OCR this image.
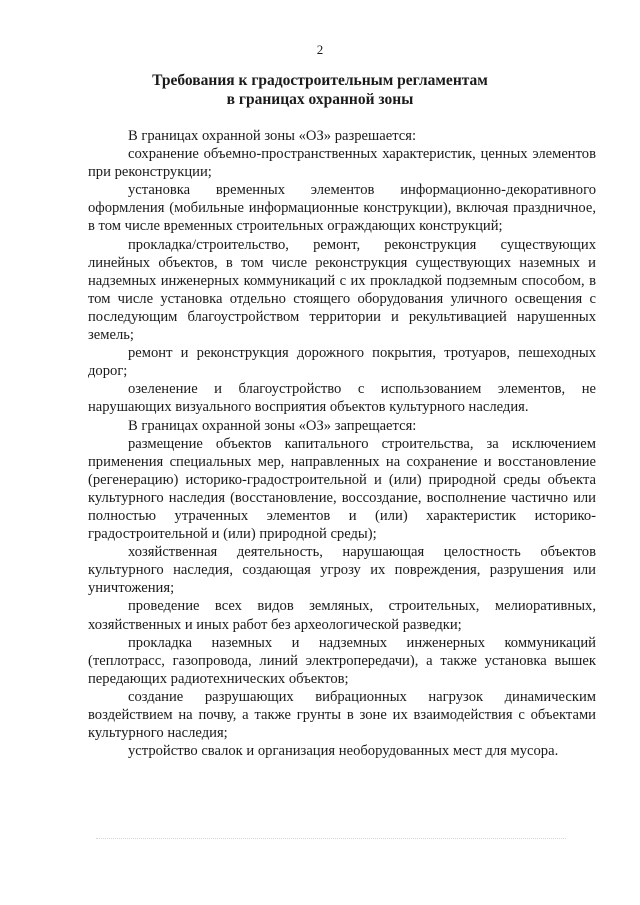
2
Требования к градостроительным регламентам
в границах охранной зоны

В границах охранной зоны «ОЗ» разрешается:

сохранение объемно-пространственных характеристик, ценных элементов при реконструкции;

установка временных элементов информационно-декоративного оформления (мобильные информационные конструкции), включая праздничное, в том числе временных строительных ограждающих конструкций;

прокладка/строительство, ремонт, реконструкция существующих линейных объектов, в том числе реконструкция существующих наземных и надземных инженерных коммуникаций с их прокладкой подземным способом, в том числе установка отдельно стоящего оборудования уличного освещения с последующим благоустройством территории и рекультивацией нарушенных земель;

ремонт и реконструкция дорожного покрытия, тротуаров, пешеходных дорог;

озеленение и благоустройство с использованием элементов, не нарушающих визуального восприятия объектов культурного наследия.

В границах охранной зоны «ОЗ» запрещается:

размещение объектов капитального строительства, за исключением применения специальных мер, направленных на сохранение и восстановление (регенерацию) историко-градостроительной и (или) природной среды объекта культурного наследия (восстановление, воссоздание, восполнение частично или полностью утраченных элементов и (или) характеристик историко-градостроительной и (или) природной среды);

хозяйственная деятельность, нарушающая целостность объектов культурного наследия, создающая угрозу их повреждения, разрушения или уничтожения;

проведение всех видов земляных, строительных, мелиоративных, хозяйственных и иных работ без археологической разведки;

прокладка наземных и надземных инженерных коммуникаций (теплотрасс, газопровода, линий электропередачи), а также установка вышек передающих радиотехнических объектов;

создание разрушающих вибрационных нагрузок динамическим воздействием на почву, а также грунты в зоне их взаимодействия с объектами культурного наследия;

устройство свалок и организация необорудованных мест для мусора.
